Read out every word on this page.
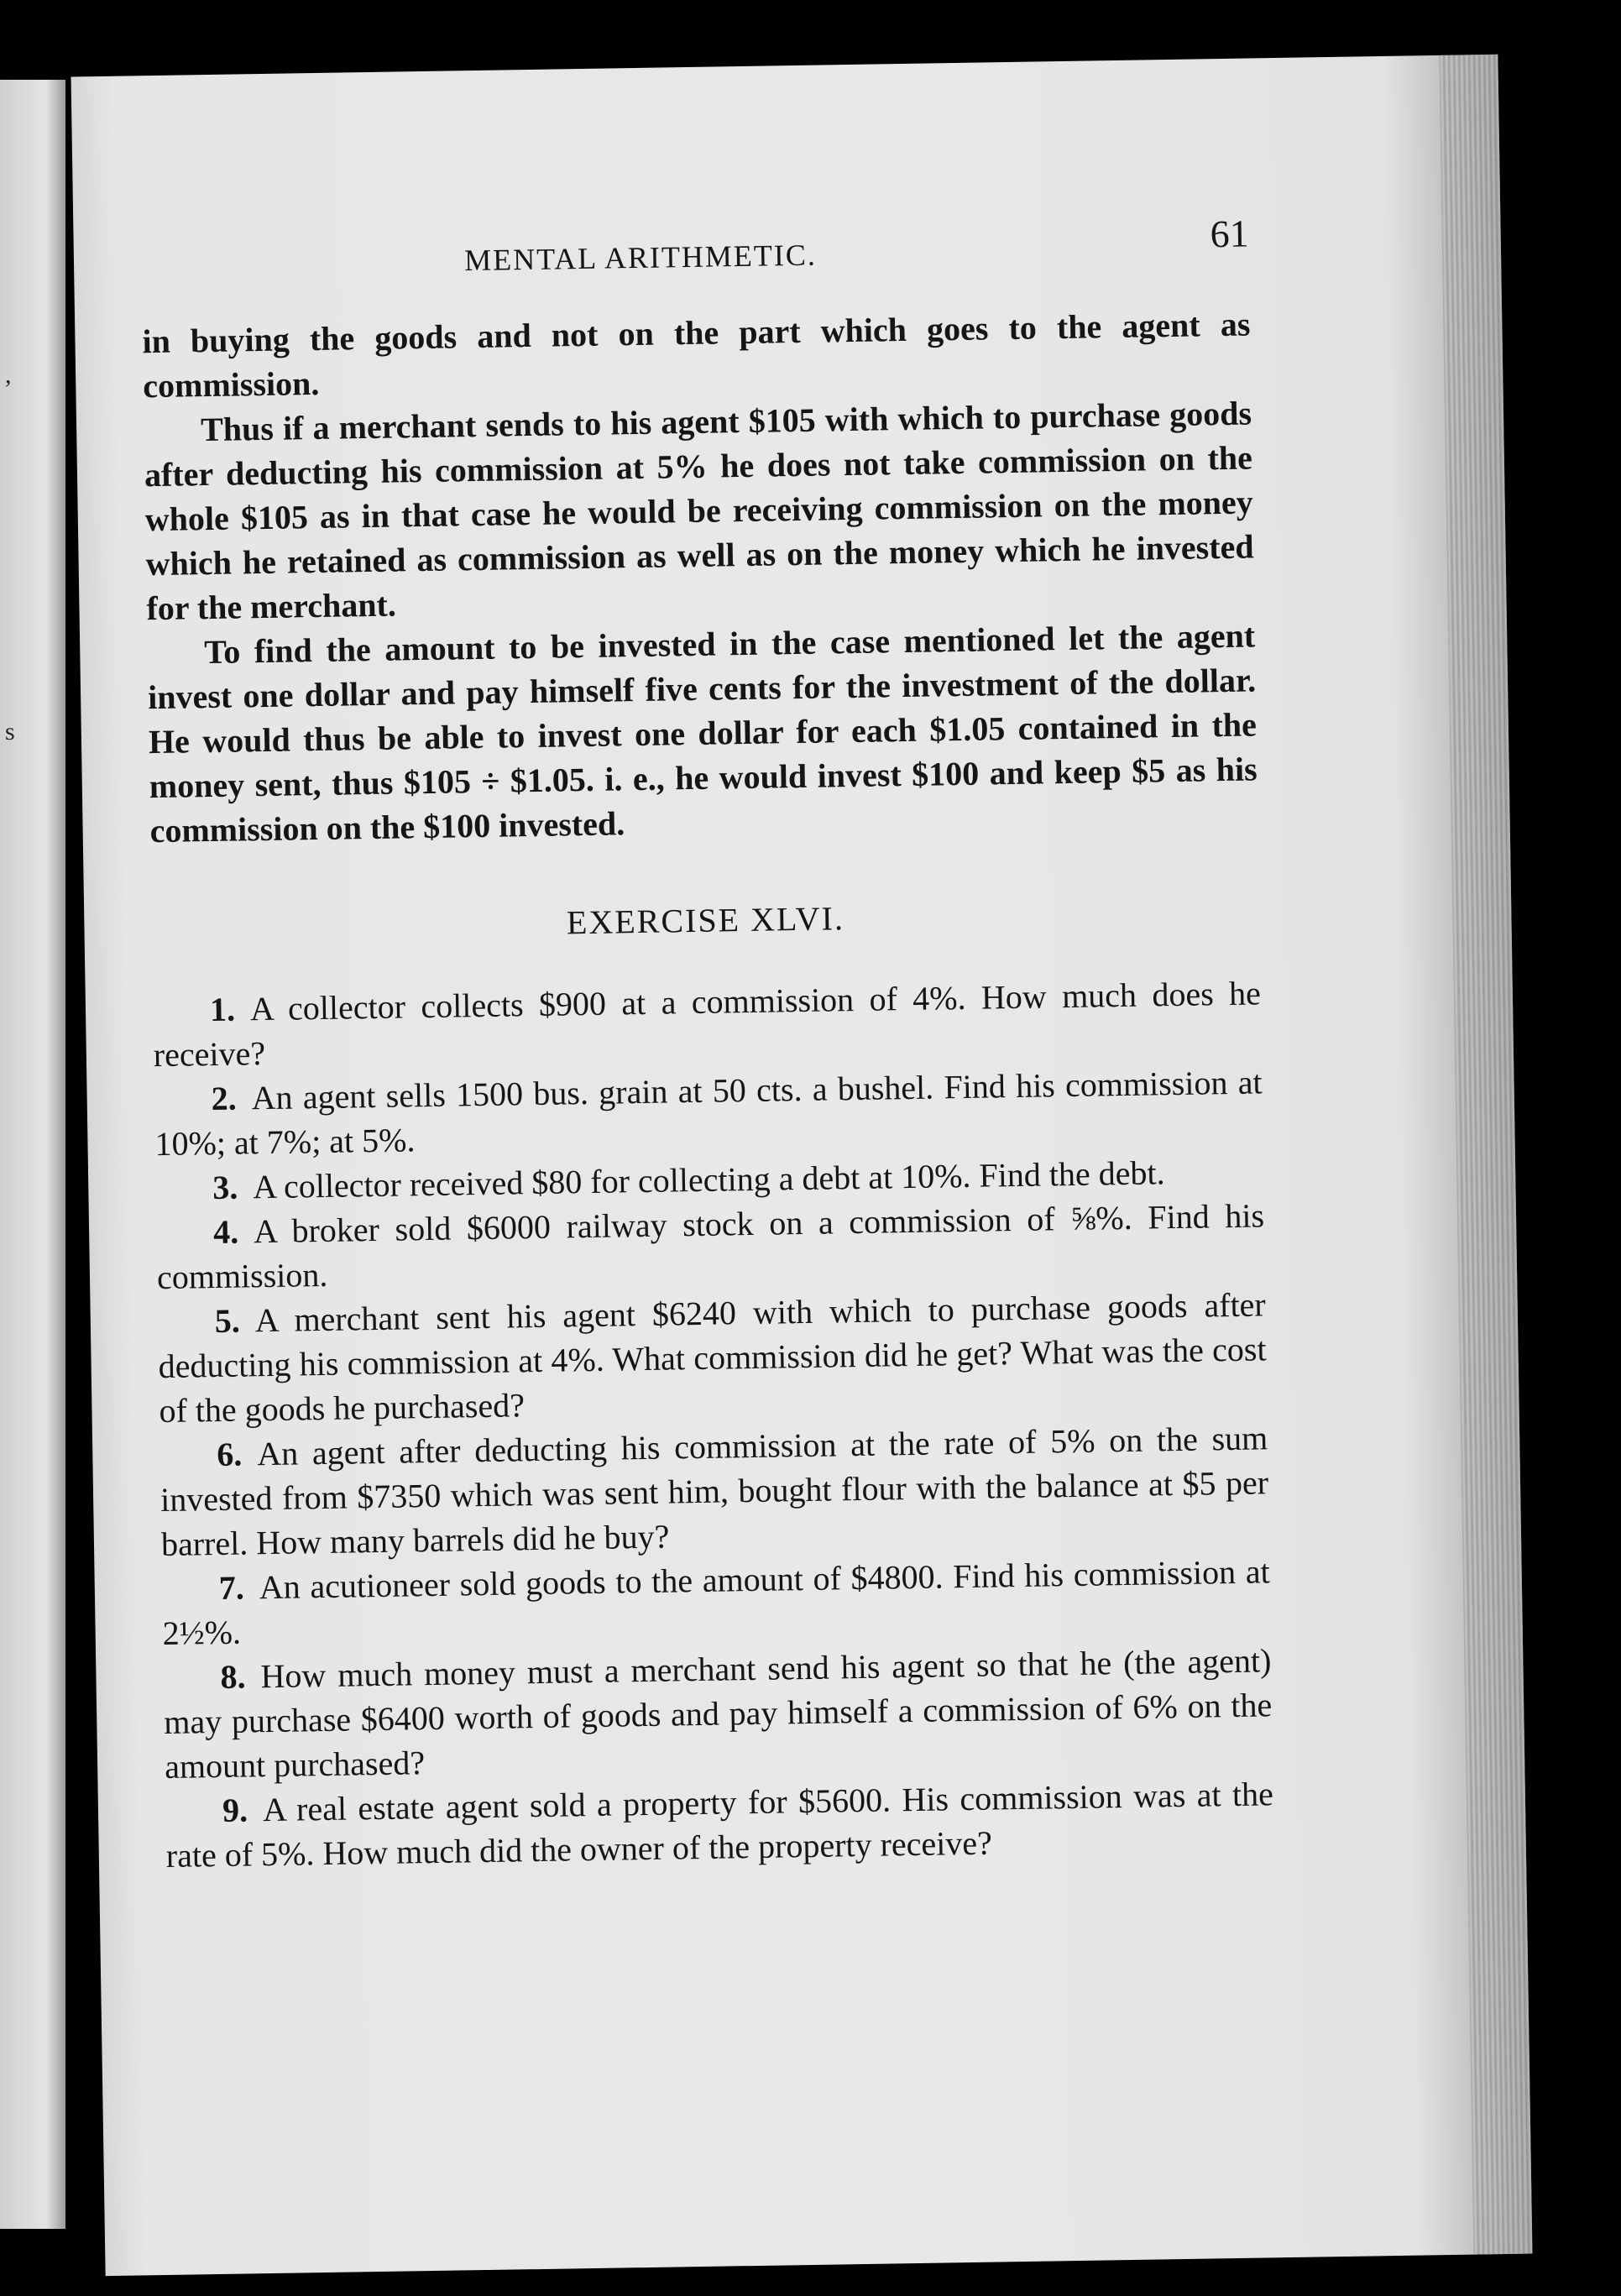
,
s
MENTAL ARITHMETIC.
61

in buying the goods and not on the part which goes to the agent as commission.

Thus if a merchant sends to his agent $105 with which to purchase goods after deducting his commission at 5% he does not take commission on the whole $105 as in that case he would be receiving commission on the money which he retained as commission as well as on the money which he invested for the merchant.

To find the amount to be invested in the case mentioned let the agent invest one dollar and pay himself five cents for the investment of the dollar. He would thus be able to invest one dollar for each $1.05 contained in the money sent, thus $105 ÷ $1.05. i. e., he would invest $100 and keep $5 as his commission on the $100 invested.

EXERCISE XLVI.

1. A collector collects $900 at a commission of 4%. How much does he receive?

2. An agent sells 1500 bus. grain at 50 cts. a bushel. Find his commission at 10%; at 7%; at 5%.

3. A collector received $80 for collecting a debt at 10%. Find the debt.

4. A broker sold $6000 railway stock on a commission of ⅝%. Find his commission.

5. A merchant sent his agent $6240 with which to purchase goods after deducting his commission at 4%. What commission did he get? What was the cost of the goods he purchased?

6. An agent after deducting his commission at the rate of 5% on the sum invested from $7350 which was sent him, bought flour with the balance at $5 per barrel. How many barrels did he buy?

7. An acutioneer sold goods to the amount of $4800. Find his commission at 2½%.

8. How much money must a merchant send his agent so that he (the agent) may purchase $6400 worth of goods and pay himself a commission of 6% on the amount purchased?

9. A real estate agent sold a property for $5600. His commission was at the rate of 5%. How much did the owner of the property receive?
